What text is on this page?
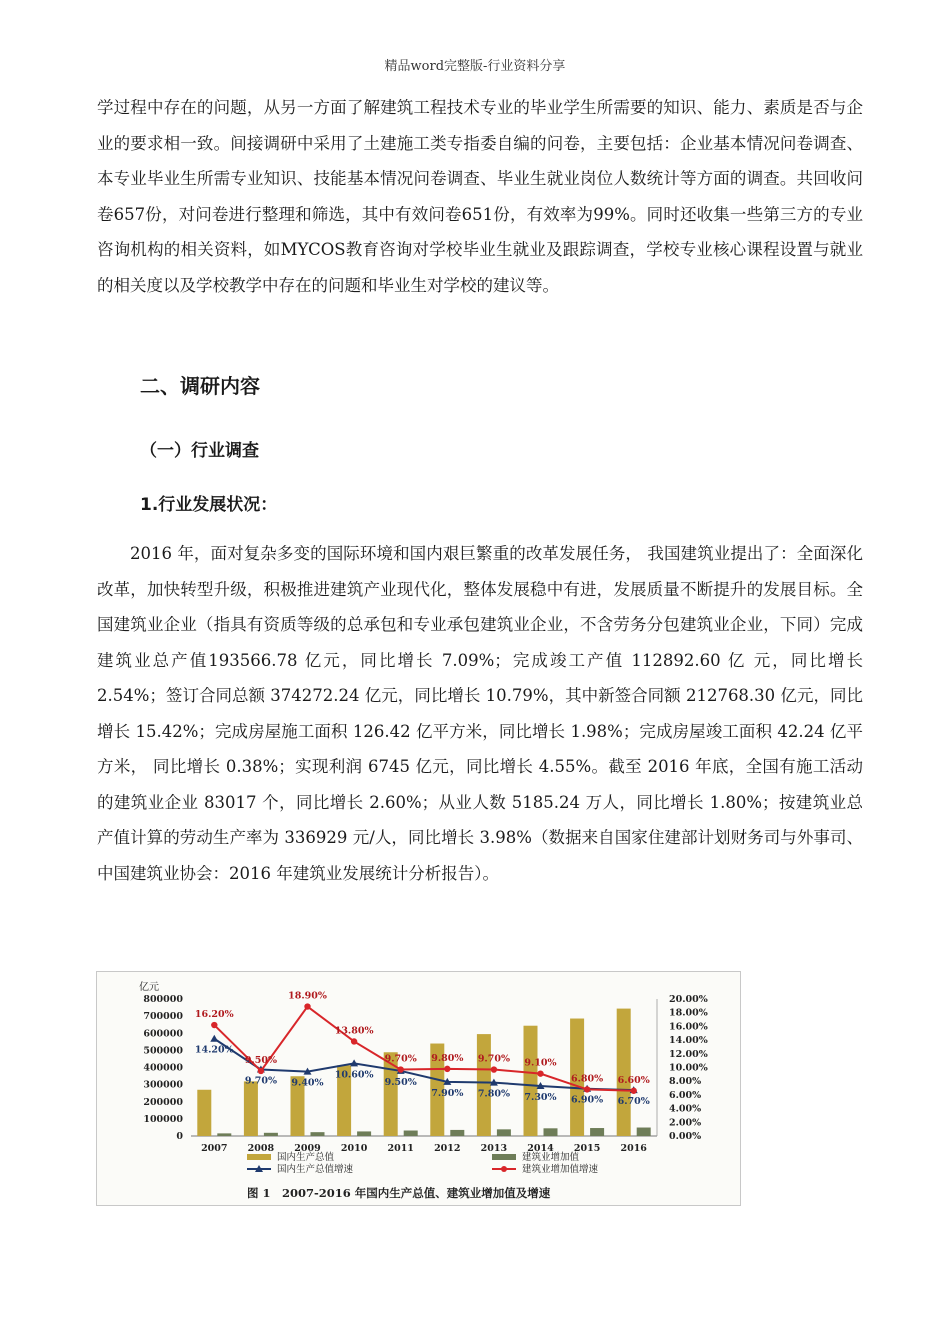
精品word完整版-行业资料分享

学过程中存在的问题，从另一方面了解建筑工程技术专业的毕业学生所需要的知识、能力、素质是否与企业的要求相一致。间接调研中采用了土建施工类专指委自编的问卷，主要包括：企业基本情况问卷调查、本专业毕业生所需专业知识、技能基本情况问卷调查、毕业生就业岗位人数统计等方面的调查。共回收问卷657份，对问卷进行整理和筛选，其中有效问卷651份，有效率为99%。同时还收集一些第三方的专业咨询机构的相关资料，如MYCOS教育咨询对学校毕业生就业及跟踪调查，学校专业核心课程设置与就业的相关度以及学校教学中存在的问题和毕业生对学校的建议等。

二、调研内容
（一）行业调查
1.行业发展状况：

2016 年，面对复杂多变的国际环境和国内艰巨繁重的改革发展任务， 我国建筑业提出了：全面深化改革，加快转型升级，积极推进建筑产业现代化，整体发展稳中有进，发展质量不断提升的发展目标。全国建筑业企业（指具有资质等级的总承包和专业承包建筑业企业，不含劳务分包建筑业企业，下同）完成建筑业总产值193566.78 亿元，同比增长 7.09%；完成竣工产值 112892.60 亿 元，同比增长 2.54%；签订合同总额 374272.24 亿元，同比增长 10.79%，其中新签合同额 212768.30 亿元，同比增长 15.42%；完成房屋施工面积 126.42 亿平方米，同比增长 1.98%；完成房屋竣工面积 42.24 亿平方米， 同比增长 0.38%；实现利润 6745 亿元，同比增长 4.55%。截至 2016 年底，全国有施工活动的建筑业企业 83017 个，同比增长 2.60%；从业人数 5185.24 万人，同比增长 1.80%；按建筑业总产值计算的劳动生产率为 336929 元/人，同比增长 3.98%（数据来自国家住建部计划财务司与外事司、中国建筑业协会：2016 年建筑业发展统计分析报告）。

亿元
0
100000
200000
300000
400000
500000
600000
700000
800000
0.00%
2.00%
4.00%
6.00%
8.00%
10.00%
12.00%
14.00%
16.00%
18.00%
20.00%
2007 2008 2009 2010 2011 2012 2013 2014 2015 2016
14.20%
9.70% 9.40%
10.60%
9.50%
7.90% 7.80% 7.30% 6.90% 6.70%
16.20%
9.50%
18.90%
13.80%
9.70% 9.80% 9.70% 9.10%
6.80% 6.60%
国内生产总值	建筑业增加值
国内生产总值增速	建筑业增加值增速
图 1　2007-2016 年国内生产总值、建筑业增加值及增速
